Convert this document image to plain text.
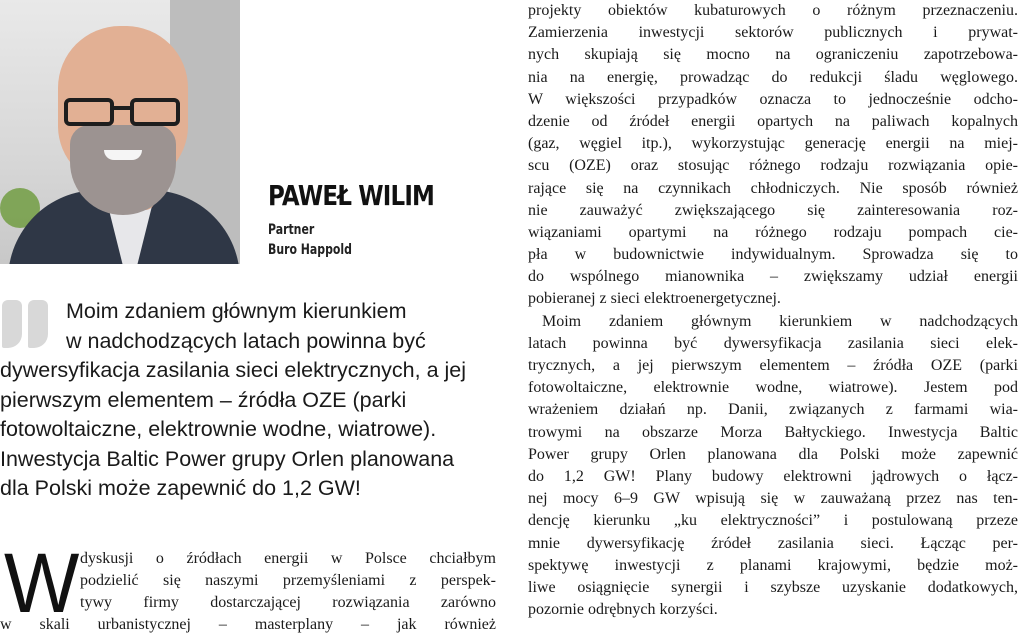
PAWEŁ WILIM
Partner
Buro Happold
Moim zdaniem głównym kierunkiem
w nadchodzących latach powinna być
dywersyfikacja zasilania sieci elektrycznych, a jej
pierwszym elementem – źródła OZE (parki
fotowoltaiczne, elektrownie wodne, wiatrowe).
Inwestycja Baltic Power grupy Orlen planowana
dla Polski może zapewnić do 1,2 GW!
W dyskusji o źródłach energii w Polsce chciałbym
podzielić się naszymi przemyśleniami z perspek-
tywy firmy dostarczającej rozwiązania zarówno
w skali urbanistycznej – masterplany – jak również
projekty obiektów kubaturowych o różnym przeznaczeniu.
Zamierzenia inwestycji sektorów publicznych i prywat-
nych skupiają się mocno na ograniczeniu zapotrzebowa-
nia na energię, prowadząc do redukcji śladu węglowego.
W większości przypadków oznacza to jednocześnie odcho-
dzenie od źródeł energii opartych na paliwach kopalnych
(gaz, węgiel itp.), wykorzystując generację energii na miej-
scu (OZE) oraz stosując różnego rodzaju rozwiązania opie-
rające się na czynnikach chłodniczych. Nie sposób również
nie zauważyć zwiększającego się zainteresowania roz-
wiązaniami opartymi na różnego rodzaju pompach cie-
pła w budownictwie indywidualnym. Sprowadza się to
do wspólnego mianownika – zwiększamy udział energii
pobieranej z sieci elektroenergetycznej.
Moim zdaniem głównym kierunkiem w nadchodzących
latach powinna być dywersyfikacja zasilania sieci elek-
trycznych, a jej pierwszym elementem – źródła OZE (parki
fotowoltaiczne, elektrownie wodne, wiatrowe). Jestem pod
wrażeniem działań np. Danii, związanych z farmami wia-
trowymi na obszarze Morza Bałtyckiego. Inwestycja Baltic
Power grupy Orlen planowana dla Polski może zapewnić
do 1,2 GW! Plany budowy elektrowni jądrowych o łącz-
nej mocy 6–9 GW wpisują się w zauważaną przez nas ten-
dencję kierunku „ku elektryczności” i postulowaną przeze
mnie dywersyfikację źródeł zasilania sieci. Łącząc per-
spektywę inwestycji z planami krajowymi, będzie moż-
liwe osiągnięcie synergii i szybsze uzyskanie dodatkowych,
pozornie odrębnych korzyści.
